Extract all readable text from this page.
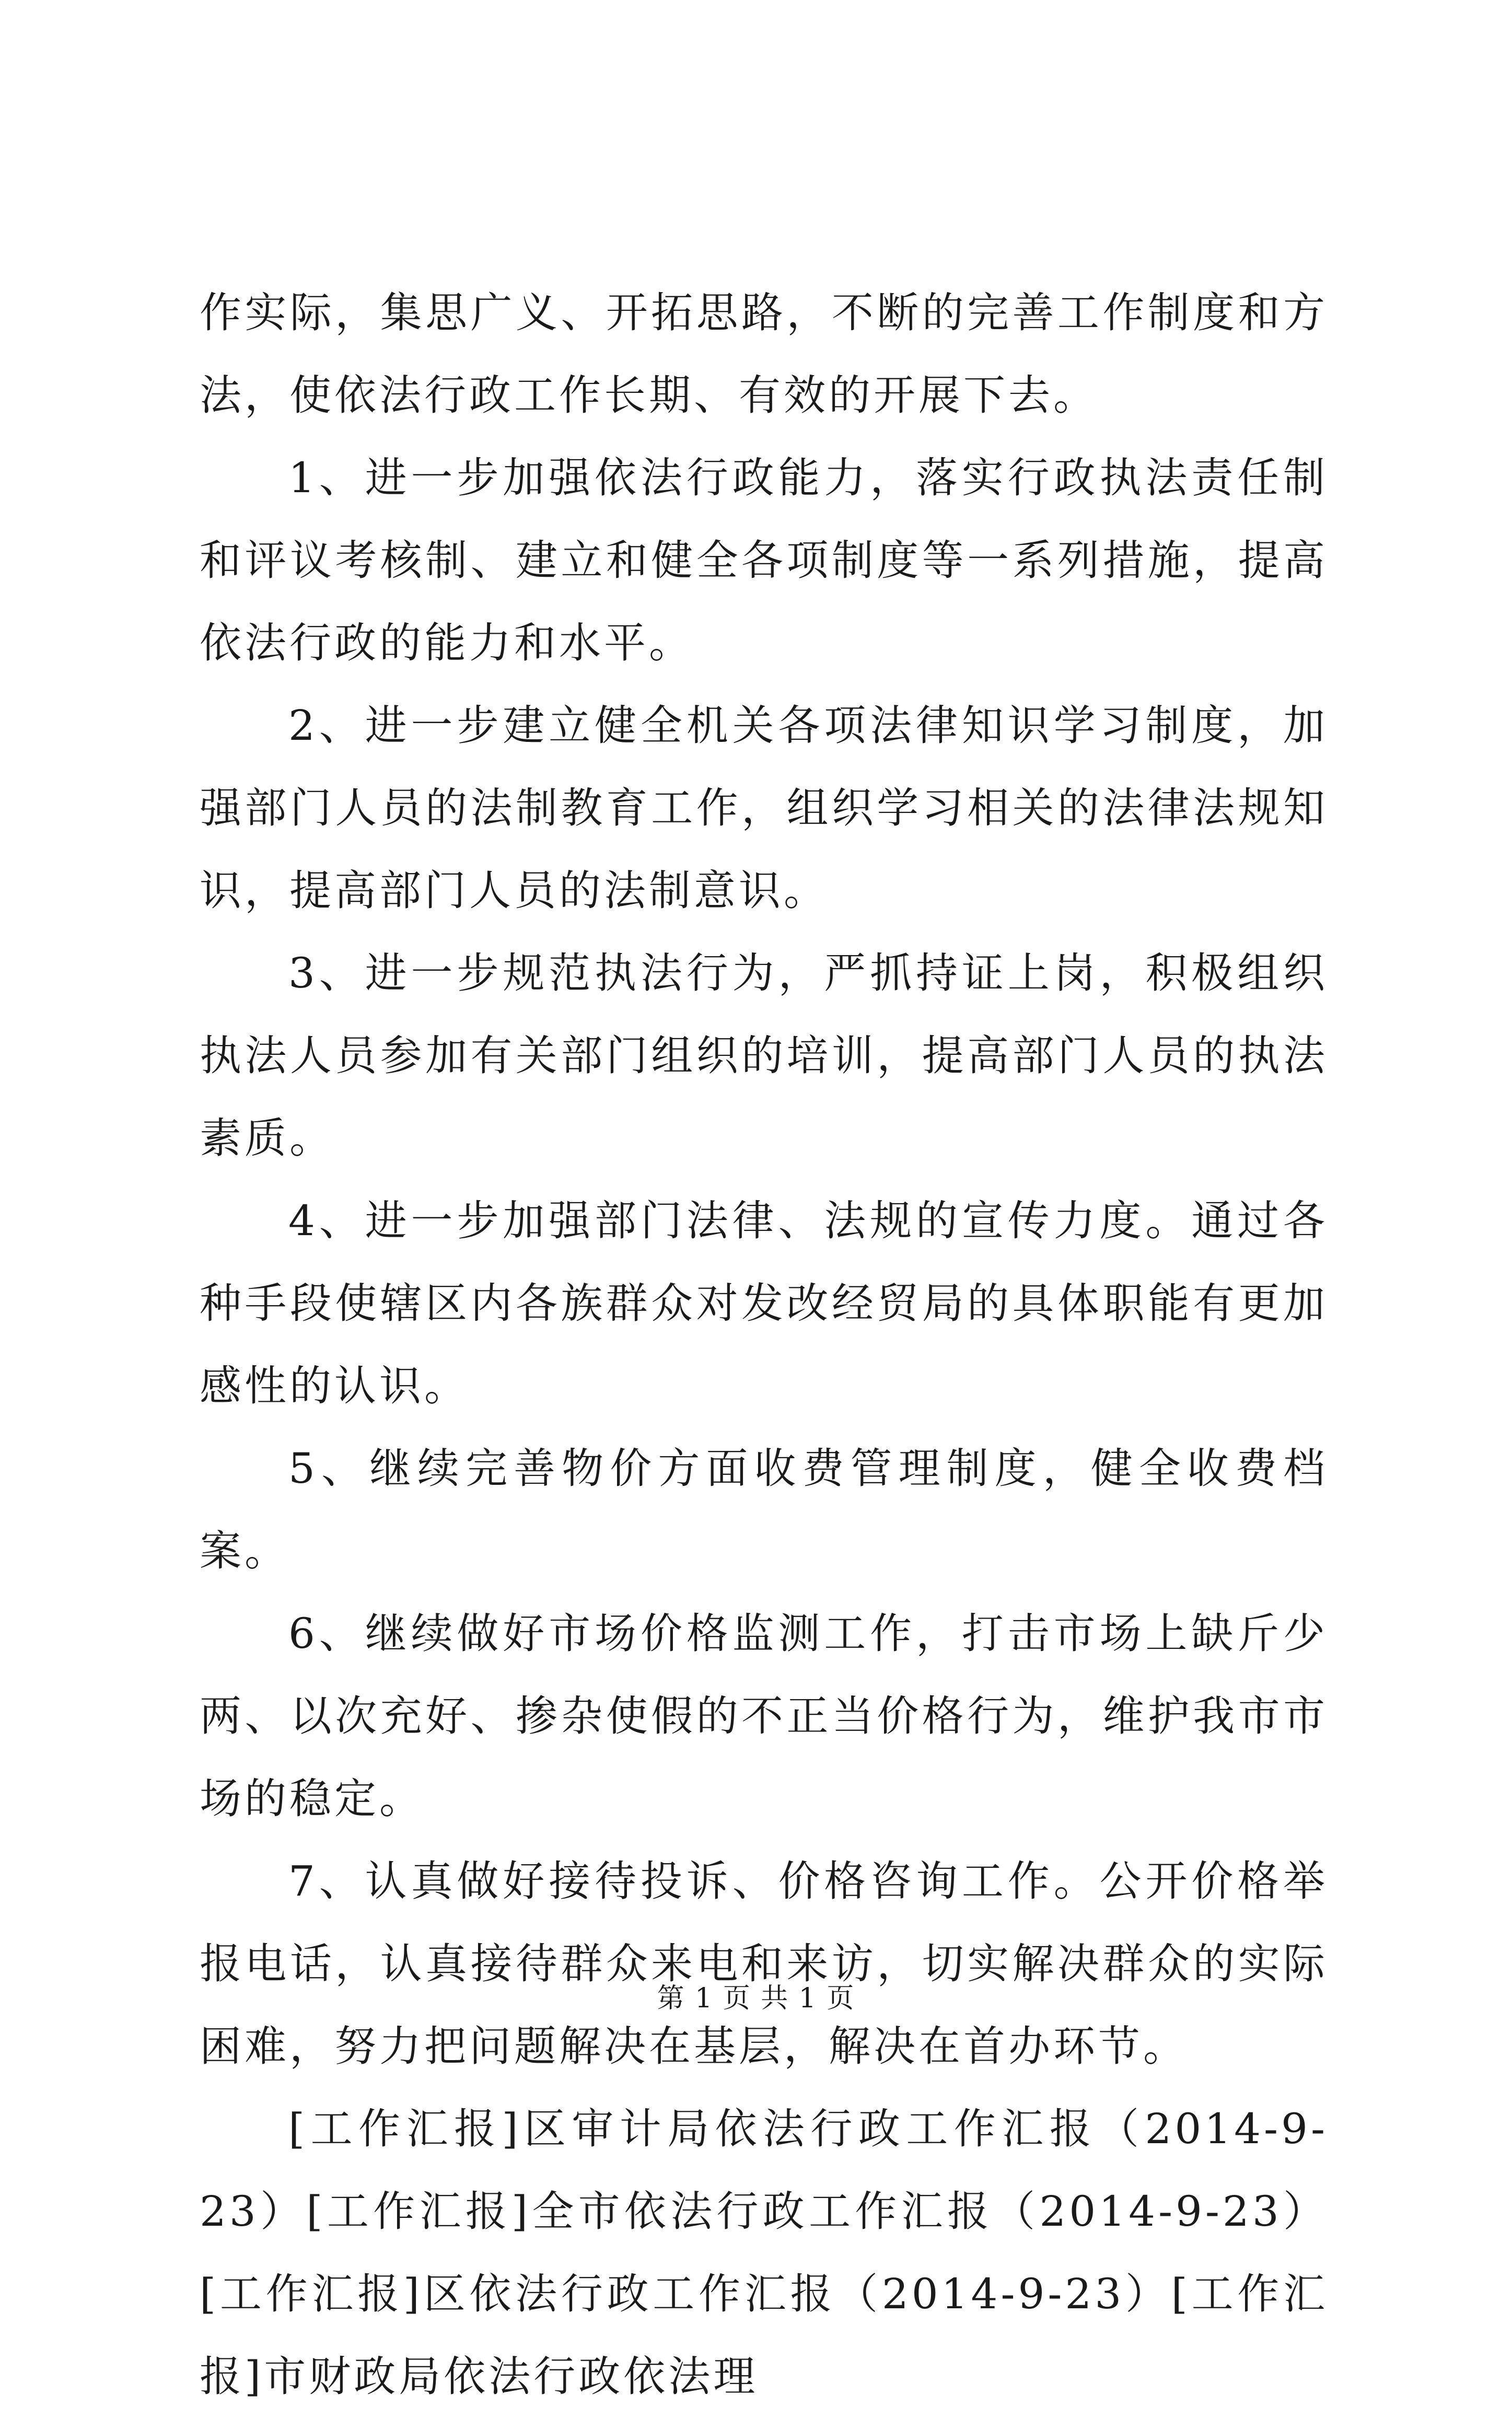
作实际，集思广义、开拓思路，不断的完善工作制度和方法，使依法行政工作长期、有效的开展下去。

1、进一步加强依法行政能力，落实行政执法责任制和评议考核制、建立和健全各项制度等一系列措施，提高依法行政的能力和水平。

2、进一步建立健全机关各项法律知识学习制度，加强部门人员的法制教育工作，组织学习相关的法律法规知识，提高部门人员的法制意识。

3、进一步规范执法行为，严抓持证上岗，积极组织执法人员参加有关部门组织的培训，提高部门人员的执法素质。

4、进一步加强部门法律、法规的宣传力度。通过各种手段使辖区内各族群众对发改经贸局的具体职能有更加感性的认识。

5、继续完善物价方面收费管理制度，健全收费档案。

6、继续做好市场价格监测工作，打击市场上缺斤少两、以次充好、掺杂使假的不正当价格行为，维护我市市场的稳定。

7、认真做好接待投诉、价格咨询工作。公开价格举报电话，认真接待群众来电和来访，切实解决群众的实际困难，努力把问题解决在基层，解决在首办环节。

[工作汇报]区审计局依法行政工作汇报（2014-9-23）[工作汇报]全市依法行政工作汇报（2014-9-23）[工作汇报]区依法行政工作汇报（2014-9-23）[工作汇报]市财政局依法行政依法理

第 1 页 共 1 页
